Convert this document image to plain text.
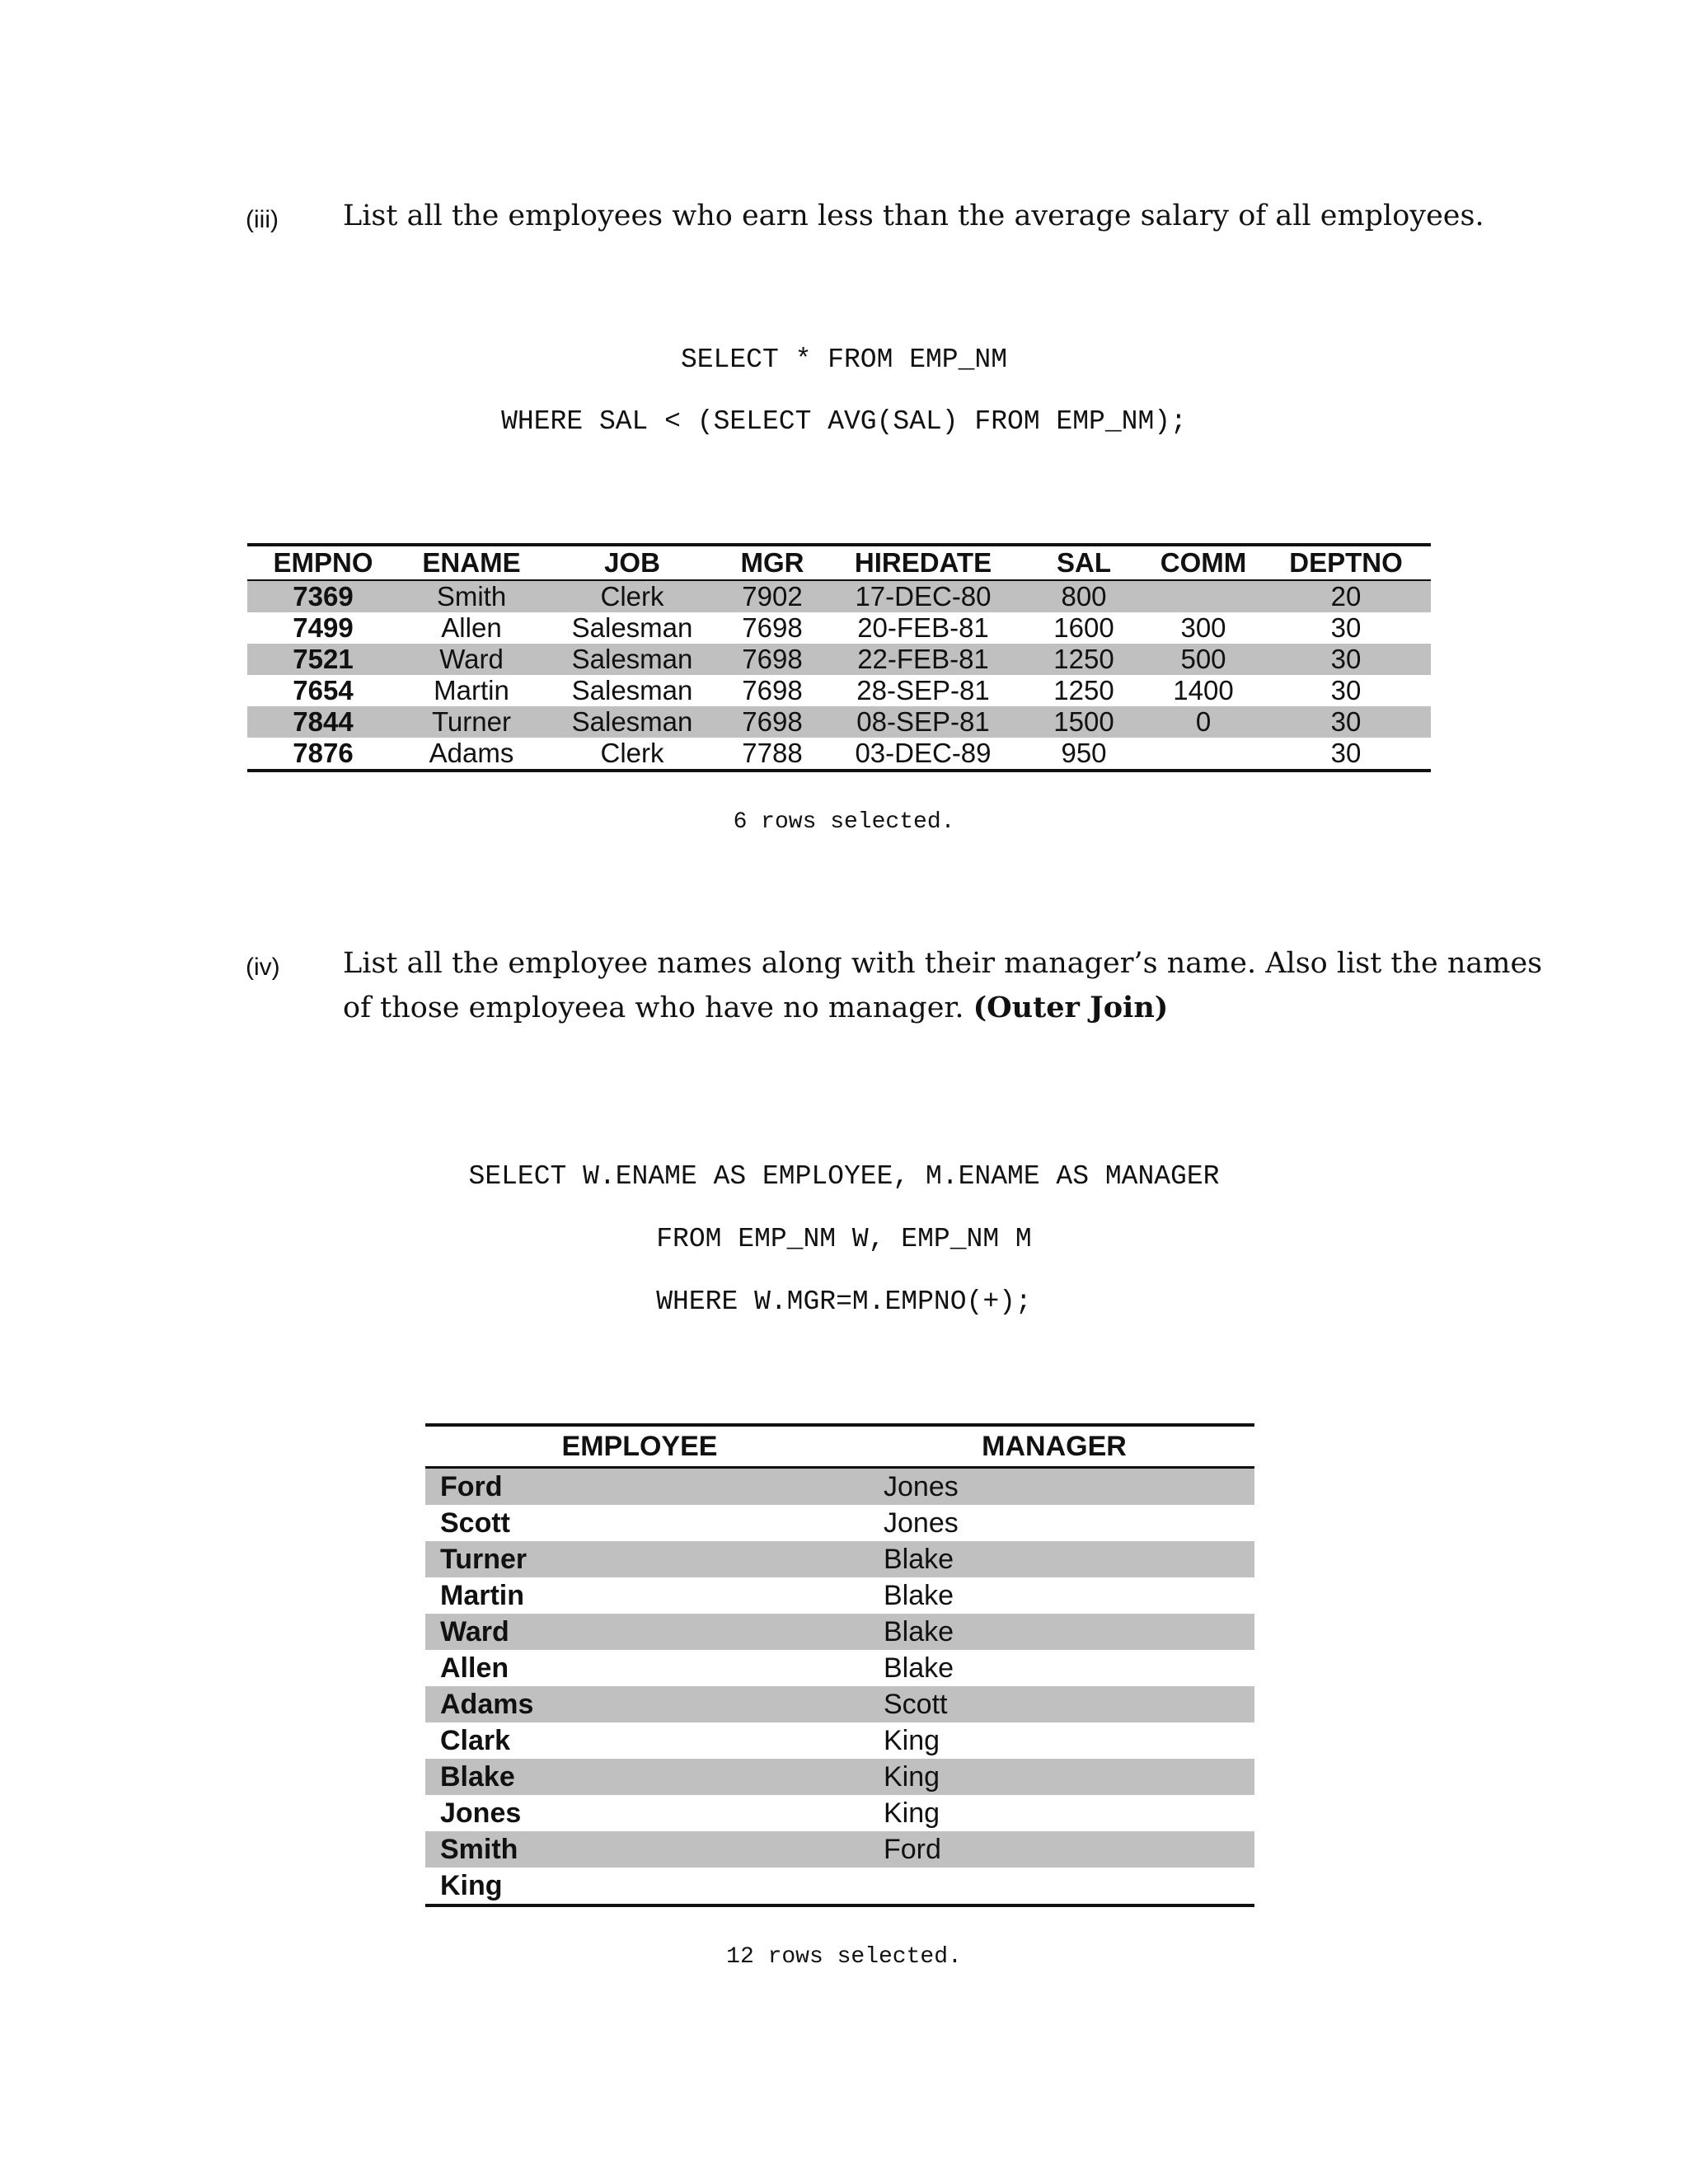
(iii) List all the employees who earn less than the average salary of all employees.

SELECT * FROM EMP_NM

WHERE SAL < (SELECT AVG(SAL) FROM EMP_NM);

EMPNO	ENAME	JOB	MGR	HIREDATE	SAL	COMM	DEPTNO
7369	Smith	Clerk	7902	17-DEC-80	800		20
7499	Allen	Salesman	7698	20-FEB-81	1600	300	30
7521	Ward	Salesman	7698	22-FEB-81	1250	500	30
7654	Martin	Salesman	7698	28-SEP-81	1250	1400	30
7844	Turner	Salesman	7698	08-SEP-81	1500	0	30
7876	Adams	Clerk	7788	03-DEC-89	950		30
6 rows selected.
(iv) List all the employee names along with their manager’s name. Also list the names
of those employeea who have no manager. (Outer Join)

SELECT W.ENAME AS EMPLOYEE, M.ENAME AS MANAGER

FROM EMP_NM W, EMP_NM M

WHERE W.MGR=M.EMPNO(+);

EMPLOYEE	MANAGER
Ford	Jones
Scott	Jones
Turner	Blake
Martin	Blake
Ward	Blake
Allen	Blake
Adams	Scott
Clark	King
Blake	King
Jones	King
Smith	Ford
King	
12 rows selected.
